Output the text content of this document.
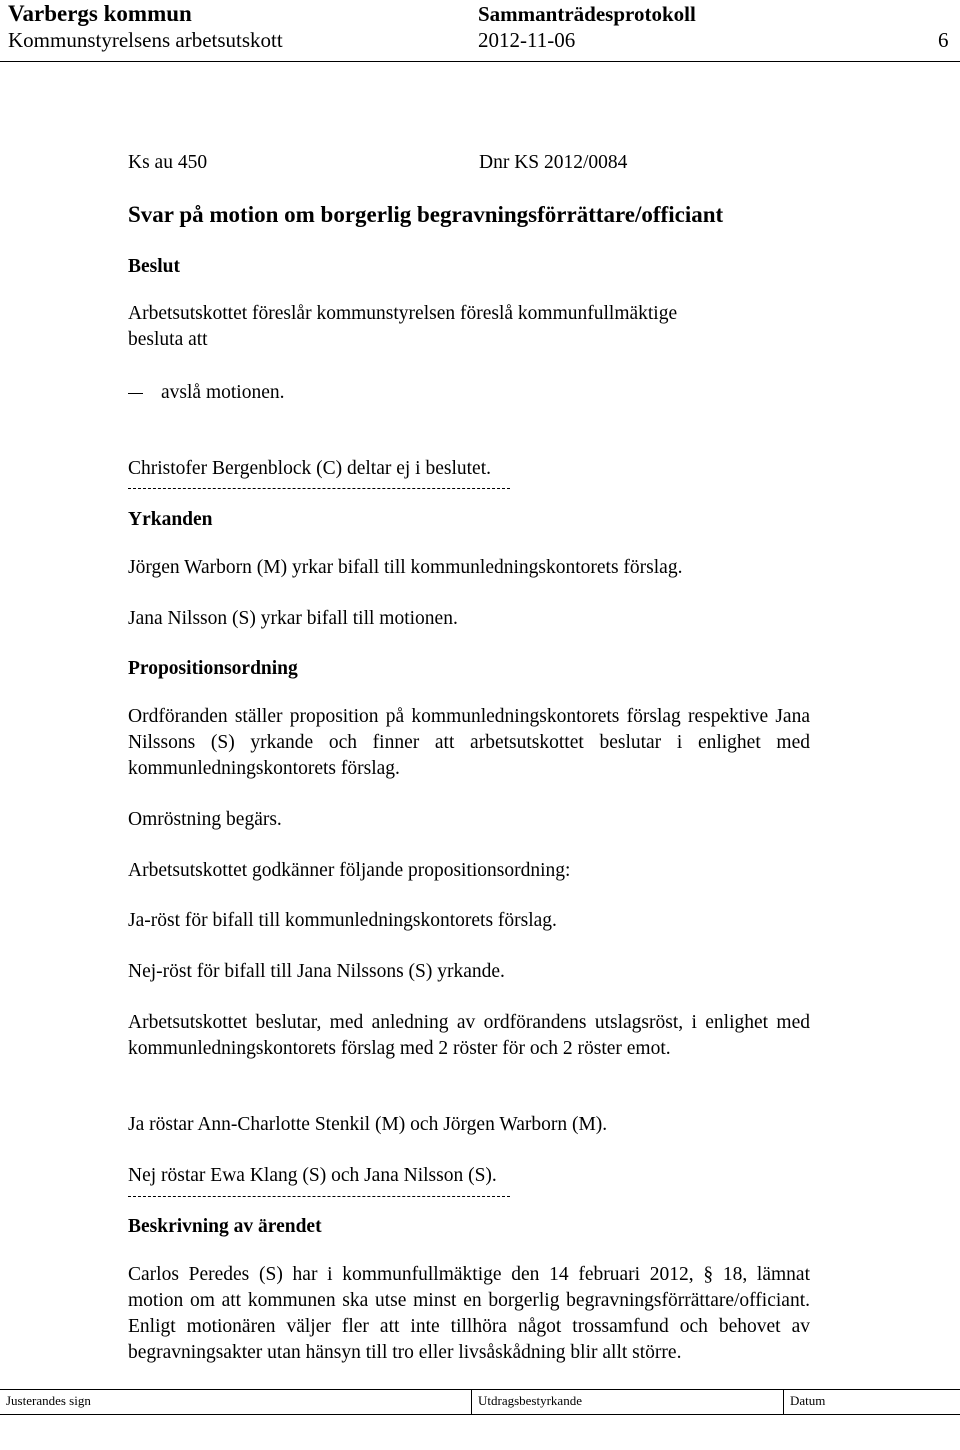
Varbergs kommun	Sammanträdesprotokoll
Kommunstyrelsens arbetsutskott	2012-11-06	6
Ks au 450	Dnr KS 2012/0084
Svar på motion om borgerlig begravningsförrättare/officiant
Beslut
Arbetsutskottet föreslår kommunstyrelsen föreslå kommunfullmäktige
besluta att
avslå motionen.
Christofer Bergenblock (C) deltar ej i beslutet.
Yrkanden
Jörgen Warborn (M) yrkar bifall till kommunledningskontorets förslag.
Jana Nilsson (S) yrkar bifall till motionen.
Propositionsordning
Ordföranden ställer proposition på kommunledningskontorets förslag respektive Jana Nilssons (S) yrkande och finner att arbetsutskottet beslutar i enlighet med kommunledningskontorets förslag.
Omröstning begärs.
Arbetsutskottet godkänner följande propositionsordning:
Ja-röst för bifall till kommunledningskontorets förslag.
Nej-röst för bifall till Jana Nilssons (S) yrkande.
Arbetsutskottet beslutar, med anledning av ordförandens utslagsröst, i enlighet med kommunledningskontorets förslag med 2 röster för och 2 röster emot.
Ja röstar Ann-Charlotte Stenkil (M) och Jörgen Warborn (M).
Nej röstar Ewa Klang (S) och Jana Nilsson (S).
Beskrivning av ärendet
Carlos Peredes (S) har i kommunfullmäktige den 14 februari 2012, § 18, lämnat motion om att kommunen ska utse minst en borgerlig begravningsförrättare/officiant. Enligt motionären väljer fler att inte tillhöra något trossamfund och behovet av begravningsakter utan hänsyn till tro eller livsåskådning blir allt större.
Justerandes sign	Utdragsbestyrkande	Datum
